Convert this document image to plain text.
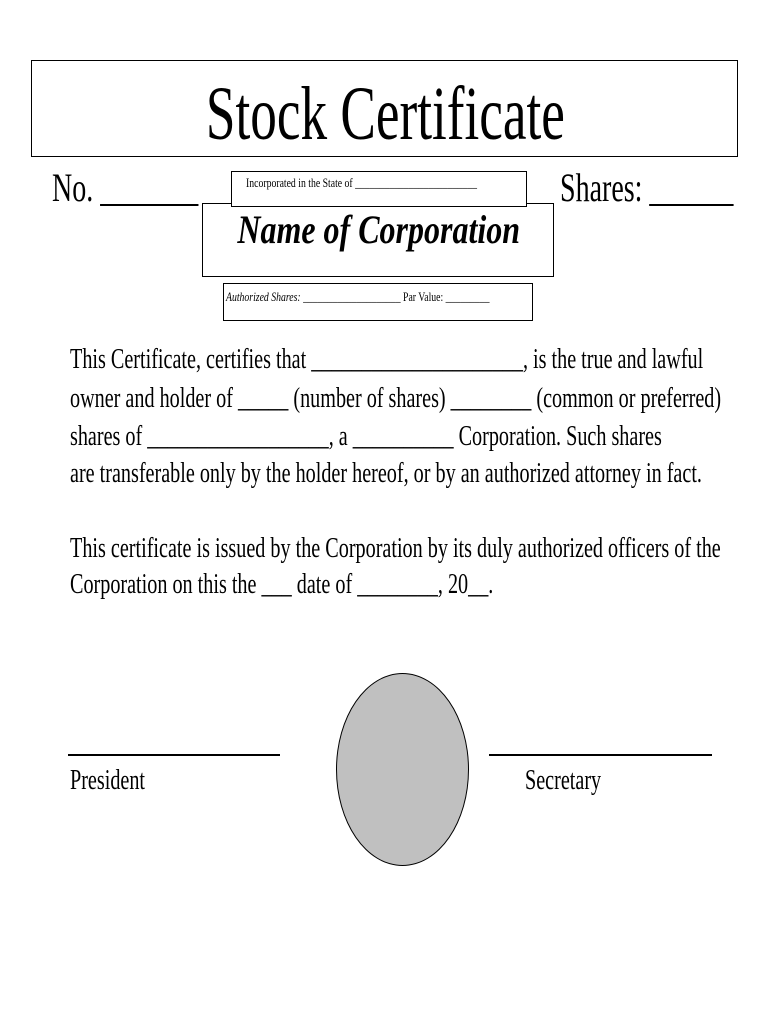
Stock Certificate
No. _______	Shares: ______
Incorporated in the State of _________________________
Name of Corporation
Authorized Shares: ____________________ Par Value: _________
This Certificate, certifies that _____________________, is the true and lawful
owner and holder of _____ (number of shares) ________ (common or preferred)
shares of __________________, a __________ Corporation. Such shares
are transferable only by the holder hereof, or by an authorized attorney in fact.
This certificate is issued by the Corporation by its duly authorized officers of the
Corporation on this the ___ date of ________, 20__.
President	Secretary
